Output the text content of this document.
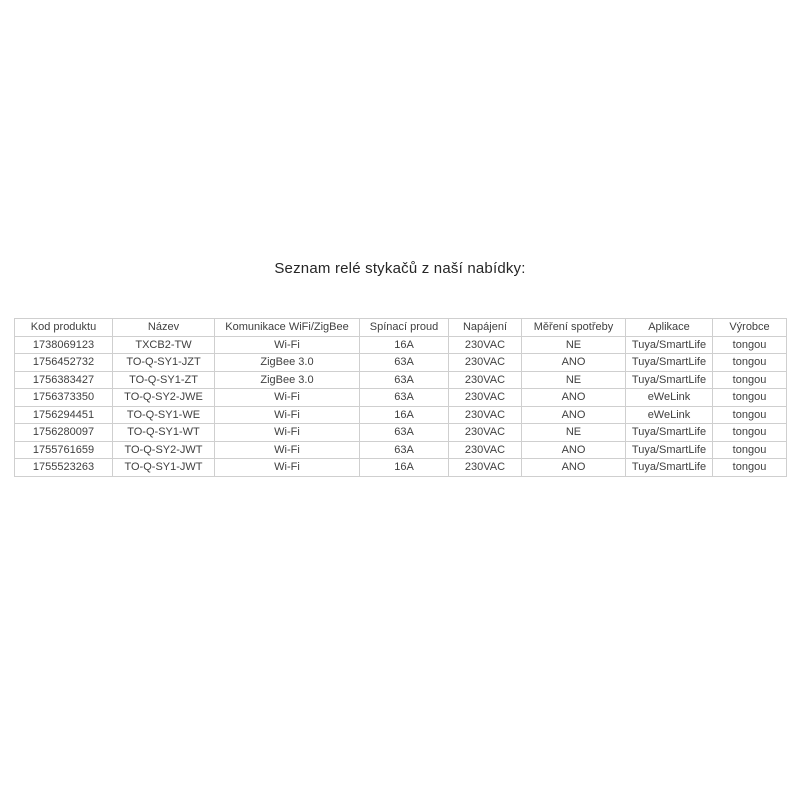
Seznam relé stykačů z naší nabídky:
Kod produktu	Název	Komunikace WiFi/ZigBee	Spínací proud	Napájení	Měření spotřeby	Aplikace	Výrobce
1738069123	TXCB2-TW	Wi-Fi	16A	230VAC	NE	Tuya/SmartLife	tongou
1756452732	TO-Q-SY1-JZT	ZigBee 3.0	63A	230VAC	ANO	Tuya/SmartLife	tongou
1756383427	TO-Q-SY1-ZT	ZigBee 3.0	63A	230VAC	NE	Tuya/SmartLife	tongou
1756373350	TO-Q-SY2-JWE	Wi-Fi	63A	230VAC	ANO	eWeLink	tongou
1756294451	TO-Q-SY1-WE	Wi-Fi	16A	230VAC	ANO	eWeLink	tongou
1756280097	TO-Q-SY1-WT	Wi-Fi	63A	230VAC	NE	Tuya/SmartLife	tongou
1755761659	TO-Q-SY2-JWT	Wi-Fi	63A	230VAC	ANO	Tuya/SmartLife	tongou
1755523263	TO-Q-SY1-JWT	Wi-Fi	16A	230VAC	ANO	Tuya/SmartLife	tongou
